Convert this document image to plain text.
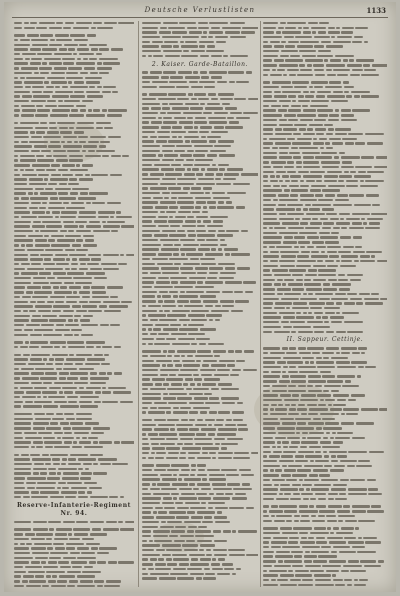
Deutsche Verlustlisten	1133
Reserve-Infanterie-Regiment Nr. 94.
2. Kaiser. Garde-Bataillon.
II. Sappeur. Cettinje.
